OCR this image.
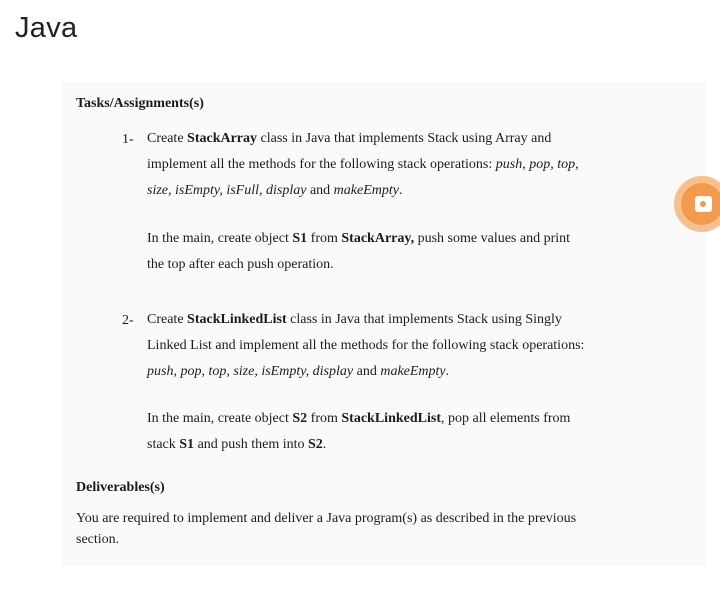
Java
Tasks/Assignments(s)
1- Create StackArray class in Java that implements Stack using Array and
implement all the methods for the following stack operations: push, pop, top,
size, isEmpty, isFull, display and makeEmpty.
In the main, create object S1 from StackArray, push some values and print
the top after each push operation.
2- Create StackLinkedList class in Java that implements Stack using Singly
Linked List and implement all the methods for the following stack operations:
push, pop, top, size, isEmpty, display and makeEmpty.
In the main, create object S2 from StackLinkedList, pop all elements from
stack S1 and push them into S2.
Deliverables(s)
You are required to implement and deliver a Java program(s) as described in the previous
section.
